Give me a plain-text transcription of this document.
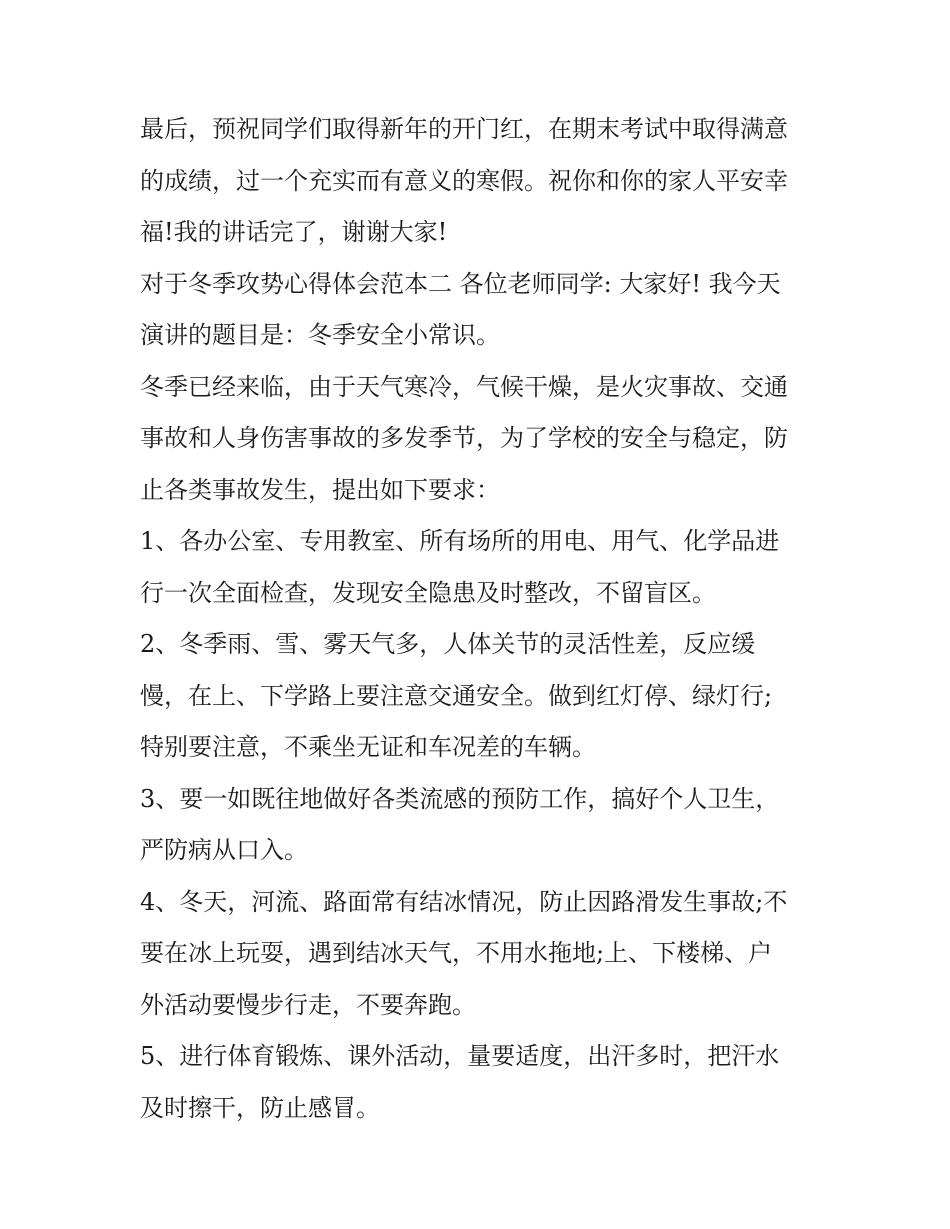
最后，预祝同学们取得新年的开门红，在期末考试中取得满意
的成绩，过一个充实而有意义的寒假。祝你和你的家人平安幸
福!我的讲话完了，谢谢大家!
对于冬季攻势心得体会范本二 各位老师同学: 大家好! 我今天
演讲的题目是：冬季安全小常识。
冬季已经来临，由于天气寒冷，气候干燥，是火灾事故、交通
事故和人身伤害事故的多发季节，为了学校的安全与稳定，防
止各类事故发生，提出如下要求：
1、各办公室、专用教室、所有场所的用电、用气、化学品进
行一次全面检查，发现安全隐患及时整改，不留盲区。
2、冬季雨、雪、雾天气多，人体关节的灵活性差，反应缓
慢，在上、下学路上要注意交通安全。做到红灯停、绿灯行;
特别要注意，不乘坐无证和车况差的车辆。
3、要一如既往地做好各类流感的预防工作，搞好个人卫生，
严防病从口入。
4、冬天，河流、路面常有结冰情况，防止因路滑发生事故;不
要在冰上玩耍，遇到结冰天气，不用水拖地;上、下楼梯、户
外活动要慢步行走，不要奔跑。
5、进行体育锻炼、课外活动，量要适度，出汗多时，把汗水
及时擦干，防止感冒。
